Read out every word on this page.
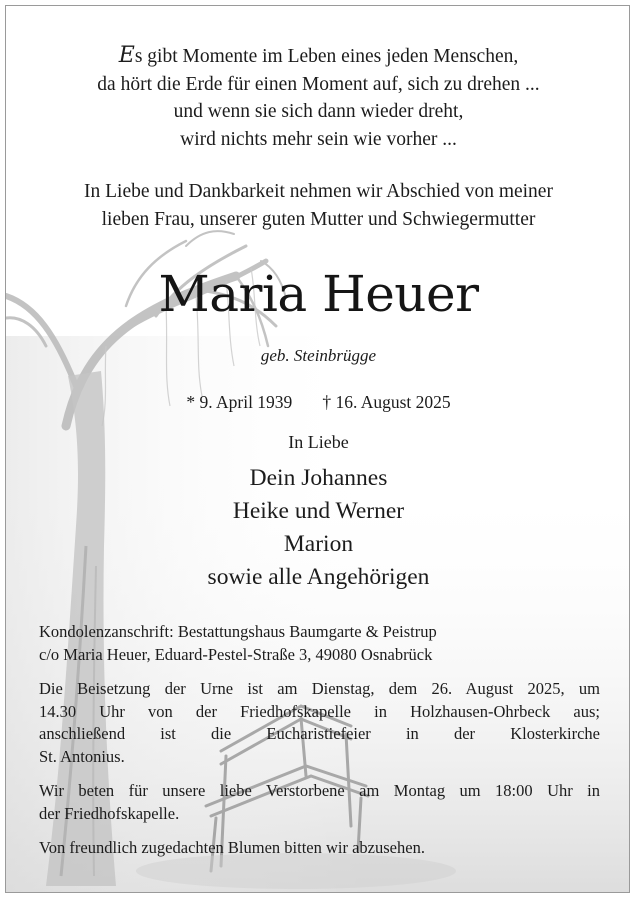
Es gibt Momente im Leben eines jeden Menschen,
da hört die Erde für einen Moment auf, sich zu drehen ...
und wenn sie sich dann wieder dreht,
wird nichts mehr sein wie vorher ...
In Liebe und Dankbarkeit nehmen wir Abschied von meiner
lieben Frau, unserer guten Mutter und Schwiegermutter
Maria Heuer
geb. Steinbrügge
* 9. April 1939 † 16. August 2025
In Liebe
Dein Johannes
Heike und Werner
Marion
sowie alle Angehörigen

Kondolenzanschrift: Bestattungshaus Baumgarte & Peistrup
c/o Maria Heuer, Eduard-Pestel-Straße 3, 49080 Osnabrück

Die Beisetzung der Urne ist am Dienstag, dem 26. August 2025, um
14.30 Uhr von der Friedhofskapelle in Holzhausen-Ohrbeck aus;
anschließend ist die Eucharistiefeier in der Klosterkirche
St. Antonius.

Wir beten für unsere liebe Verstorbene am Montag um 18:00 Uhr in
der Friedhofskapelle.

Von freundlich zugedachten Blumen bitten wir abzusehen.
